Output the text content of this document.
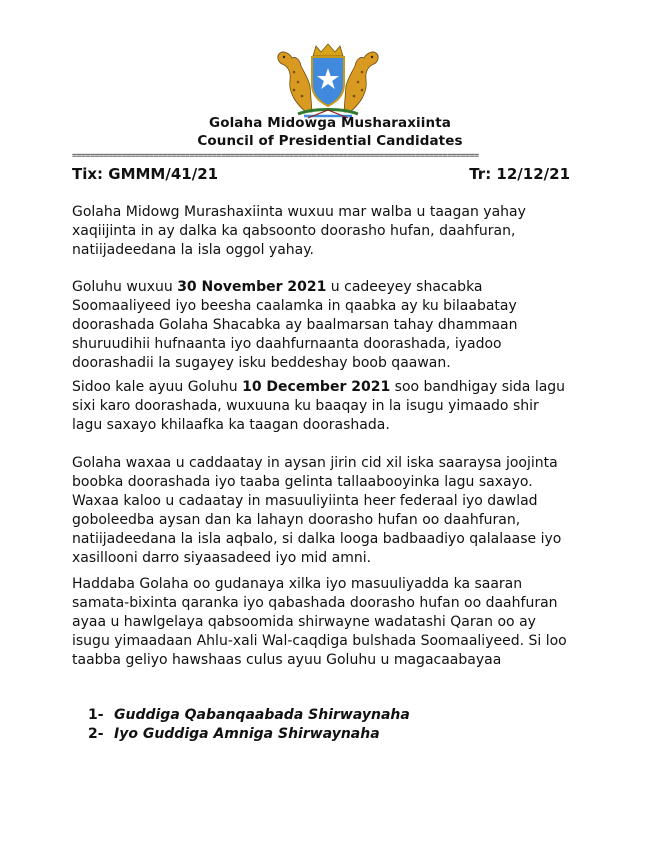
Golaha Midowga Musharaxiinta
Council of Presidential Candidates
==========================================================================================
Tix: GMMM/41/21	Tr: 12/12/21

Golaha Midowg Murashaxiinta wuxuu mar walba u taagan yahay xaqiijinta in ay dalka ka qabsoonto doorasho hufan, daahfuran, natiijadeedana la isla oggol yahay.

Goluhu wuxuu 30 November 2021 u cadeeyey shacabka Soomaaliyeed iyo beesha caalamka in qaabka ay ku bilaabatay doorashada Golaha Shacabka ay baalmarsan tahay dhammaan shuruudihii hufnaanta iyo daahfurnaanta doorashada, iyadoo doorashadii la sugayey isku beddeshay boob qaawan.

Sidoo kale ayuu Goluhu 10 December 2021 soo bandhigay sida lagu sixi karo doorashada, wuxuuna ku baaqay in la isugu yimaado shir lagu saxayo khilaafka ka taagan doorashada.

Golaha waxaa u caddaatay in aysan jirin cid xil iska saaraysa joojinta boobka doorashada iyo taaba gelinta tallaabooyinka lagu saxayo. Waxaa kaloo u cadaatay in masuuliyiinta heer federaal iyo dawlad goboleedba aysan dan ka lahayn doorasho hufan oo daahfuran, natiijadeedana la isla aqbalo, si dalka looga badbaadiyo qalalaase iyo xasillooni darro siyaasadeed iyo mid amni.

Haddaba Golaha oo gudanaya xilka iyo masuuliyadda ka saaran samata-bixinta qaranka iyo qabashada doorasho hufan oo daahfuran ayaa u hawlgelaya qabsoomida shirwayne wadatashi Qaran oo ay isugu yimaadaan Ahlu-xali Wal-caqdiga bulshada Soomaaliyeed. Si loo taabba geliyo hawshaas culus ayuu Goluhu u magacaabayaa

1- Guddiga Qabanqaabada Shirwaynaha
2- Iyo Guddiga Amniga Shirwaynaha
